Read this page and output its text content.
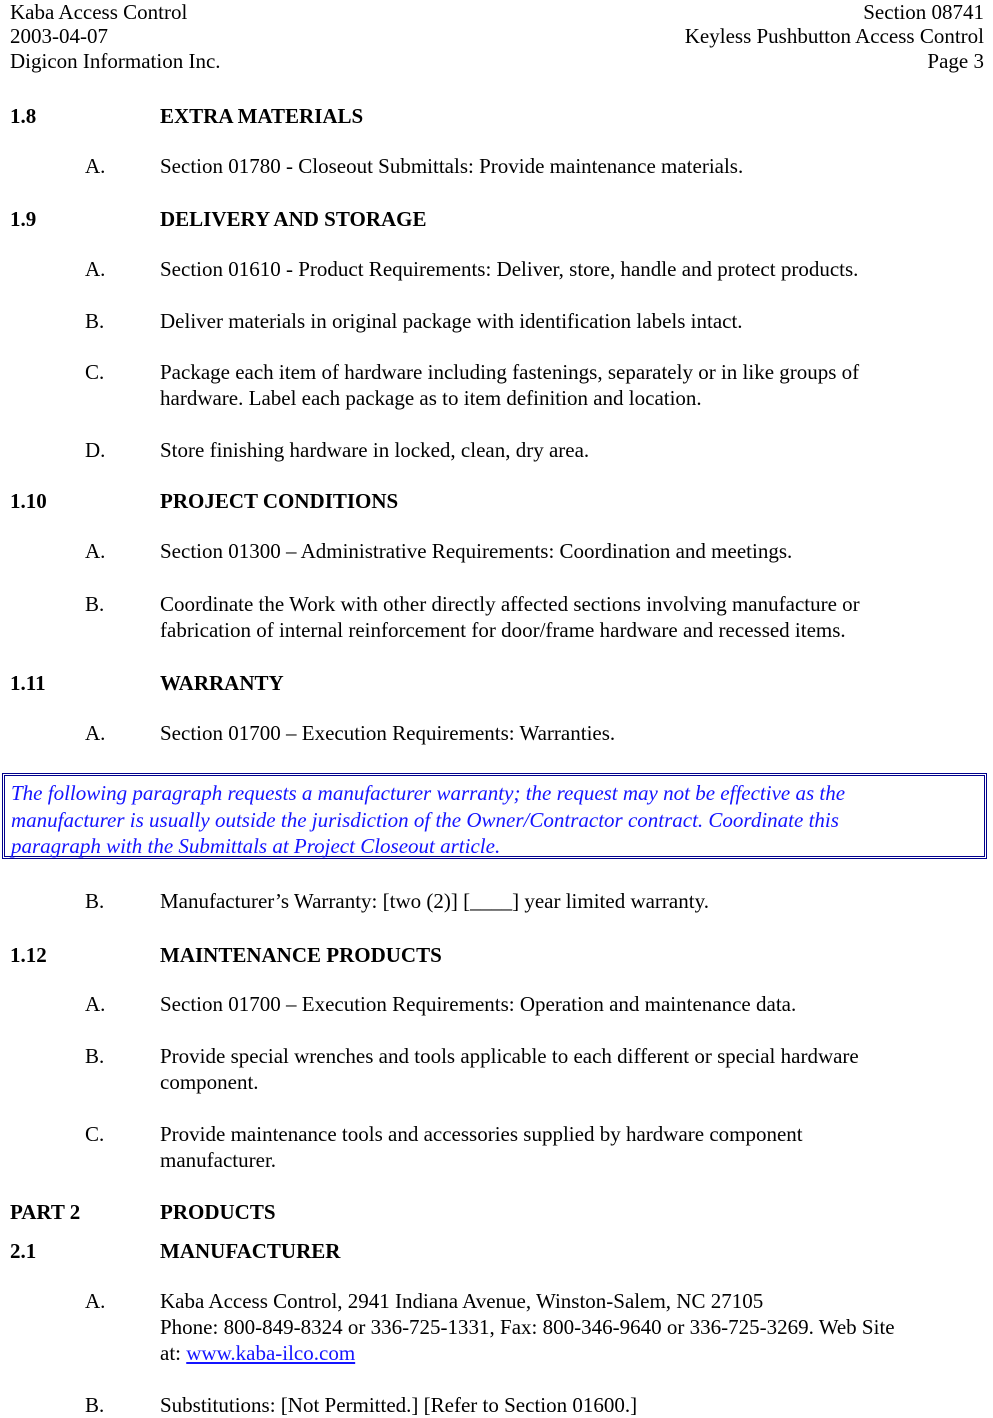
Kaba Access Control	Section 08741
2003-04-07	Keyless Pushbutton Access Control
Digicon Information Inc.	Page 3
1.8	EXTRA MATERIALS
A.	Section 01780 - Closeout Submittals: Provide maintenance materials.
1.9	DELIVERY AND STORAGE
A.	Section 01610 - Product Requirements: Deliver, store, handle and protect products.
B.	Deliver materials in original package with identification labels intact.
C.	Package each item of hardware including fastenings, separately or in like groups of
hardware. Label each package as to item definition and location.
D.	Store finishing hardware in locked, clean, dry area.
1.10	PROJECT CONDITIONS
A.	Section 01300 – Administrative Requirements: Coordination and meetings.
B.	Coordinate the Work with other directly affected sections involving manufacture or
fabrication of internal reinforcement for door/frame hardware and recessed items.
1.11	WARRANTY
A.	Section 01700 – Execution Requirements: Warranties.
The following paragraph requests a manufacturer warranty; the request may not be effective as the
manufacturer is usually outside the jurisdiction of the Owner/Contractor contract. Coordinate this
paragraph with the Submittals at Project Closeout article.
B.	Manufacturer’s Warranty: [two (2)] [____] year limited warranty.
1.12	MAINTENANCE PRODUCTS
A.	Section 01700 – Execution Requirements: Operation and maintenance data.
B.	Provide special wrenches and tools applicable to each different or special hardware
component.
C.	Provide maintenance tools and accessories supplied by hardware component
manufacturer.
PART 2	PRODUCTS
2.1	MANUFACTURER
A.	Kaba Access Control, 2941 Indiana Avenue, Winston-Salem, NC 27105
Phone: 800-849-8324 or 336-725-1331, Fax: 800-346-9640 or 336-725-3269. Web Site
at: www.kaba-ilco.com
B.	Substitutions: [Not Permitted.] [Refer to Section 01600.]
